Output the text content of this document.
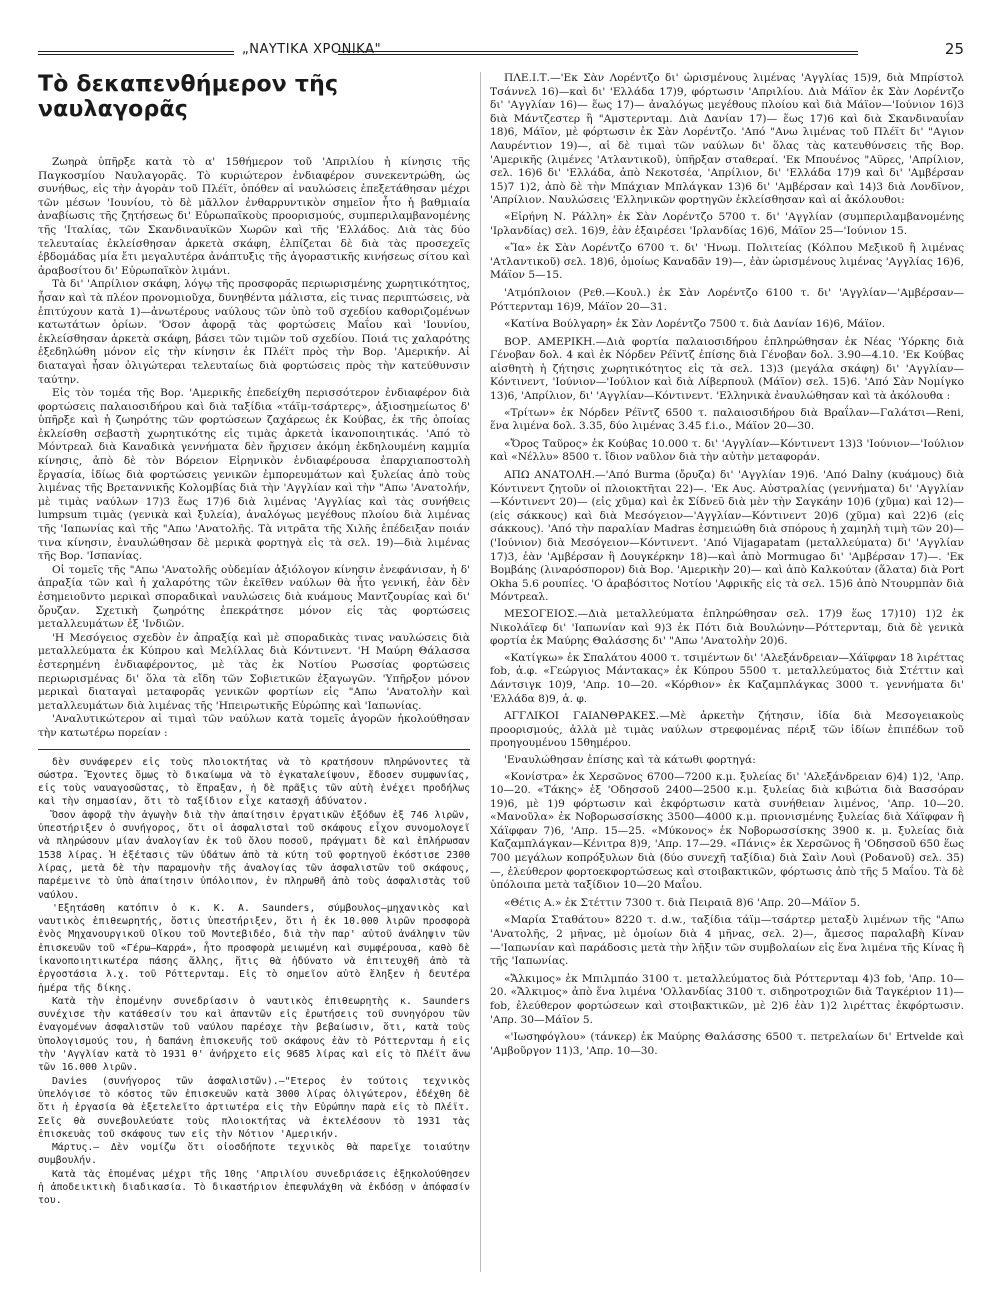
„ΝΑΥΤΙΚΑ ΧΡΟΝΙΚΑ"	25
Τὸ δεκαπενθήμερον τῆς ναυλαγορᾶς

Ζωηρὰ ὑπῆρξε κατὰ τὸ α' 15θήμερον τοῦ 'Απριλίου ἡ κίνησις τῆς Παγκοσμίου Ναυλαγορᾶς. Τὸ κυριώτερον ἐνδιαφέρον συνεκεντρώθη, ὡς συνήθως, εἰς τὴν ἀγορὰν τοῦ Πλέϊτ, ὁπόθεν αἱ ναυλώσεις ἐπεξετάθησαν μέχρι τῶν μέσων 'Ιουνίου, τὸ δὲ μᾶλλον ἐνθαρρυντικὸν σημεῖον ἦτο ἡ βαθμιαία ἀναβίωσις τῆς ζητήσεως δι' Εὐρωπαϊκοὺς προορισμούς, συμπεριλαμβανομένης τῆς 'Ιταλίας, τῶν Σκανδιναυϊκῶν Χωρῶν καὶ τῆς 'Ελλάδος. Διὰ τὰς δύο τελευταίας ἐκλείσθησαν ἀρκετὰ σκάφη, ἐλπίζεται δὲ διὰ τὰς προσεχεῖς ἑβδομάδας μία ἔτι μεγαλυτέρα ἀνάπτυξις τῆς ἀγοραστικῆς κινήσεως σίτου καὶ ἀραβοσίτου δι' Εὐρωπαϊκὸν λιμάνι.

Τὰ δι' 'Απρίλιον σκάφη, λόγῳ τῆς προσφορᾶς περιωρισμένης χωρητικότητος, ἦσαν καὶ τὰ πλέον προνομιοῦχα, δυνηθέντα μάλιστα, εἰς τινας περιπτώσεις, νὰ ἐπιτύχουν κατὰ 1)—ἀνωτέρους ναύλους τῶν ὑπὸ τοῦ σχεδίου καθοριζομένων κατωτάτων ὁρίων. 'Όσον ἀφορᾷ τὰς φορτώσεις Μαΐου καὶ 'Ιουνίου, ἐκλείσθησαν ἀρκετὰ σκάφη, βάσει τῶν τιμῶν τοῦ σχεδίου. Ποιά τις χαλαρότης ἐξεδηλώθη μόνον εἰς τὴν κίνησιν ἐκ Πλέϊτ πρὸς τὴν Βορ. 'Αμερικήν. Αἱ διαταγαὶ ἦσαν ὀλιγώτεραι τελευταίως διὰ φορτώσεις πρὸς τὴν κατεύθυνσιν ταύτην.

Εἰς τὸν τομέα τῆς Βορ. 'Αμερικῆς ἐπεδείχθη περισσότερον ἐνδιαφέρον διὰ φορτώσεις παλαιοσιδήρου καὶ διὰ ταξίδια «τάϊμ-τσάρτερς», ἀξιοσημείωτος δ' ὑπῆρξε καὶ ἡ ζωηρότης τῶν φορτώσεων ζαχάρεως ἐκ Κούβας, ἐκ τῆς ὁποίας ἐκλείσθη σεβαστὴ χωρητικότης εἰς τιμὰς ἀρκετὰ ἱκανοποιητικάς. 'Από τὸ Μόντρεαλ διὰ Καναδικὰ γεννήματα δὲν ἤρχισεν ἀκόμη ἐκδηλουμένη καμμία κίνησις, ἀπὸ δὲ τὸν Βόρειον Εἰρηνικὸν ἐνδιαφέρουσα ἐπαρχιαποστολὴ ἔργασία, ἰδίως διὰ φορτώσεις γενικῶν ἐμπορευμάτων καὶ ξυλείας ἀπὸ τοὺς λιμένας τῆς Βρεταννικῆς Κολομβίας διὰ τὴν 'Αγγλίαν καὶ τὴν "Απω 'Ανατολήν, μὲ τιμὰς ναύλων 17)3 ἕως 17)6 διὰ λιμένας 'Αγγλίας καὶ τὰς συνήθεις lumpsum τιμὰς (γενικὰ καὶ ξυλεία), ἀναλόγως μεγέθους πλοίου διὰ λιμένας τῆς 'Ιαπωνίας καὶ τῆς "Απω 'Ανατολῆς. Τὰ νιτρᾶτα τῆς Χιλῆς ἐπέδειξαν ποιάν τινα κίνησιν, ἐναυλώθησαν δὲ μερικὰ φορτηγὰ εἰς τὰ σελ. 19)—διὰ λιμένας τῆς Βορ. 'Ισπανίας.

Οἱ τομεῖς τῆς "Απω 'Ανατολῆς οὐδεμίαν ἀξιόλογον κίνησιν ἐνεφάνισαν, ἡ δ' ἀπραξία τῶν καὶ ἡ χαλαρότης τῶν ἐκεῖθεν ναύλων θὰ ἦτο γενική, ἐὰν δὲν ἐσημειοῦντο μερικαὶ σποραδικαὶ ναυλώσεις διὰ κυάμους Μαντζουρίας καὶ δι' ὄρυζαν. Σχετικὴ ζωηρότης ἐπεκράτησε μόνον εἰς τὰς φορτώσεις μεταλλευμάτων ἐξ 'Ινδιῶν.

'Η Μεσόγειος σχεδὸν ἐν ἀπραξίᾳ καὶ μὲ σποραδικὰς τινας ναυλώσεις διὰ μεταλλεύματα ἐκ Κύπρου καὶ Μελίλλας διὰ Κόντινεντ. 'Η Μαύρη Θάλασσα ἐστερημένη ἐνδιαφέροντος, μὲ τὰς ἐκ Νοτίου Ρωσσίας φορτώσεις περιωρισμένας δι' ὅλα τὰ εἴδη τῶν Σοβιετικῶν ἐξαγωγῶν. 'Υπῆρξον μόνον μερικαὶ διαταγαὶ μεταφορᾶς γενικῶν φορτίων εἰς "Απω 'Ανατολὴν καὶ μεταλλευμάτων διὰ λιμένας τῆς 'Ηπειρωτικῆς Εὐρώπης καὶ 'Ιαπωνίας.

'Αναλυτικώτερον αἱ τιμαὶ τῶν ναύλων κατὰ τομεῖς ἀγορῶν ἠκολούθησαν τὴν κατωτέρω πορείαν :

δὲν συνάφερεν εἰς τοὺς πλοιοκτήτας νὰ τὸ κρατήσουν πληρώνοντες τὰ σώστρα. Ἔχοντες ὅμως τὸ δικαίωμα νὰ τὸ ἐγκαταλείψουν, ἔδοσεν συμφωνίας, εἰς τοὺς ναυαγοσῶστας, τὸ ἔπραξαν, ἡ δὲ πρᾶξις τῶν αὐτὴ ἐνέχει προδήλως καὶ τὴν σημασίαν, ὅτι τὸ ταξίδιον εἶχε κατασχῆ ἀδύνατον.

Ὅσον ἀφορᾷ τὴν ἀγωγὴν διὰ τὴν ἀπαίτησιν ἐργατικῶν ἐξόδων ἐξ 746 λιρῶν, ὑπεστήριξεν ὁ συνήγορος, ὅτι οἱ ἀσφαλισταὶ τοῦ σκάφους εἶχον συνομολογεῖ νὰ πληρώσουν μίαν ἀναλογίαν ἐκ τοῦ ὅλου ποσοῦ, πράγματι δὲ καὶ ἐπλήρωσαν 1538 λίρας. Ἡ ἐξέτασις τῶν ὑδάτων ἀπὸ τὰ κύτη τοῦ φορτηγοῦ ἐκόστισε 2300 λίρας, μετὰ δὲ τὴν παραμονὴν τῆς ἀναλογίας τῶν ἀσφαλιστῶν τοῦ σκάφους, παρέμεινε τὸ ὑπὸ ἀπαίτησιν ὑπόλοιπον, ἐν πληρωθῆ ἀπὸ τοὺς ἀσφαλιστὰς τοῦ ναύλου.

'Εξητάσθη κατόπιν ὁ κ. Κ. Α. Saunders, σύμβουλος—μηχανικὸς καὶ ναυτικὸς ἐπιθεωρητής, ὅστις ὑπεστήριξεν, ὅτι ἡ ἐκ 10.000 λιρῶν προσφορὰ ἑνὸς Μηχανουργικοῦ Οἴκου τοῦ Μοντεβιδέο, διὰ τὴν παρ' αὐτοῦ ἀνάληψιν τῶν ἐπισκευῶν τοῦ «Γέρω—Καρρά», ἦτο προσφορὰ μειωμένη καὶ συμφέρουσα, καθὸ δὲ ἱκανοποιητικωτέρα πάσης ἄλλης, ἥτις θὰ ἠδύνατο νὰ ἐπιτευχθῆ ἀπὸ τὰ ἐργοστάσια λ.χ. τοῦ Ρόττερνταμ. Εἰς τὸ σημεῖον αὐτὸ ἔληξεν ἡ δευτέρα ἡμέρα τῆς δίκης.

Κατὰ τὴν ἑπομένην συνεδρίασιν ὁ ναυτικὸς ἐπιθεωρητὴς κ. Saunders συνέχισε τὴν κατάθεσίν του καὶ ἀπαντῶν εἰς ἐρωτήσεις τοῦ συνηγόρου τῶν ἐναγομένων ἀσφαλιστῶν τοῦ ναύλου παρέσχε τὴν βεβαίωσιν, ὅτι, κατὰ τοὺς ὑπολογισμούς του, ἡ δαπάνη ἐπισκευῆς τοῦ σκάφους ἐὰν τὸ Ρόττερνταμ ἡ εἰς τὴν 'Αγγλίαν κατὰ τὸ 1931 θ' ἀνήρχετο εἰς 9685 λίρας καὶ εἰς τὸ Πλέϊτ ἄνω τῶν 16.000 λιρῶν.

Davies (συνήγορος τῶν ἀσφαλιστῶν).—"Ετερος ἐν τούτοις τεχνικὸς ὑπελόγισε τὸ κόστος τῶν ἐπισκευῶν κατὰ 3000 λίρας ὀλιγώτερον, ἐδέχθη δὲ ὅτι ἡ ἐργασία θὰ ἐξετελεῖτο ἀρτιωτέρα εἰς τὴν Εὐρώπην παρὰ εἰς τὸ Πλέϊτ. Σεῖς θὰ συνεβουλεύατε τοὺς πλοιοκτήτας νὰ ἐκτελέσουν τὸ 1931 τὰς ἐπισκευὰς τοῦ σκάφους των εἰς τὴν Νότιον 'Αμερικήν.

Μάρτυς.— Δὲν νομίζω ὅτι οἱοσδήποτε τεχνικὸς θὰ παρεῖχε τοιαύτην συμβουλήν.

Κατὰ τὰς ἑπομένας μέχρι τῆς 10ης 'Απριλίου συνεδριάσεις ἐξηκολούθησεν ἡ ἀποδεικτικὴ διαδικασία. Τὸ δικαστήριον ἐπεφυλάχθη νὰ ἐκδόσῃ ν ἀπόφασίν του.

ΠΛΕ.Ι.Τ.—'Εκ Σὰν Λορέντζο δι' ὡρισμένους λιμένας 'Αγγλίας 15)9, διὰ Μπρίστολ Τσάννελ 16)—καὶ δι' 'Ελλάδα 17)9, φόρτωσιν 'Απριλίου. Διὰ Μάϊον ἐκ Σὰν Λορέντζο δι' 'Αγγλίαν 16)— ἕως 17)— ἀναλόγως μεγέθους πλοίου καὶ διὰ Μάϊον—'Ιούνιον 16)3 διὰ Μάντζεστερ ἢ "Αμστερνταμ. Διὰ Δανίαν 17)— ἕως 17)6 καὶ διὰ Σκανδιναυΐαν 18)6, Μάϊον, μὲ φόρτωσιν ἐκ Σὰν Λορέντζο. 'Από "Ανω λιμένας τοῦ Πλέϊτ δι' "Αγιον Λαυρέντιον 19)—, αἱ δὲ τιμαὶ τῶν ναύλων δι' ὅλας τὰς κατευθύνσεις τῆς Βορ. 'Αμερικῆς (λιμένες 'Ατλαντικοῦ), ὑπῆρξαν σταθεραί. 'Εκ Μπουένος "Αϋρες, 'Απρίλιον, σελ. 16)6 δι' 'Ελλάδα, ἀπὸ Νεκοτσέα, 'Απρίλιον, δι' 'Ελλάδα 17)9 καὶ δι' 'Αμβέρσαν 15)7 1)2, ἀπὸ δὲ τὴν Μπάχιαν Μπλάγκαν 13)6 δι' 'Αμβέρσαν καὶ 14)3 διὰ Λονδῖνον, 'Απρίλιον. Ναυλώσεις 'Ελληνικῶν φορτηγῶν ἐκλείσθησαν καὶ αἱ ἀκόλουθοι:

«Εἰρήνη Ν. Ράλλη» ἐκ Σὰν Λορέντζο 5700 τ. δι' 'Αγγλίαν (συμπεριλαμβανομένης 'Ιρλανδίας) σελ. 16)9, ἐὰν ἐξαιρέσει 'Ιρλανδίας 16)6, Μάϊον 25—'Ιούνιον 15.

«Ἴα» ἐκ Σὰν Λορέντζο 6700 τ. δι' 'Ηνωμ. Πολιτείας (Κόλπου Μεξικοῦ ἢ λιμένας 'Ατλαντικοῦ) σελ. 18)6, ὁμοίως Καναδᾶν 19)—, ἐὰν ὡρισμένους λιμένας 'Αγγλίας 16)6, Μάϊον 5—15.

'Ατμόπλοιον (Ρεθ.—Κουλ.) ἐκ Σὰν Λορέντζο 6100 τ. δι' 'Αγγλίαν—'Αμβέρσαν—Ρόττερνταμ 16)9, Μάϊον 20—31.

«Κατίνα Βούλγαρη» ἐκ Σὰν Λορέντζο 7500 τ. διὰ Δανίαν 16)6, Μάϊον.

ΒΟΡ. ΑΜΕΡΙΚΗ.—Διὰ φορτία παλαιοσιδήρου ἐπληρώθησαν ἐκ Νέας 'Υόρκης διὰ Γένοβαν δολ. 4 καὶ ἐκ Νόρδεν Ρέϊντζ ἐπίσης διὰ Γένοβαν δολ. 3.90—4.10. 'Εκ Κούβας αἰσθητὴ ἡ ζήτησις χωρητικότητος εἰς τὰ σελ. 13)3 (μεγάλα σκάφη) δι' 'Αγγλίαν—Κόντινεντ, 'Ιούνιον—'Ιούλιον καὶ διὰ Λίβερπουλ (Μάϊον) σελ. 15)6. 'Από Σὰν Νομίγκο 13)6, 'Απρίλιον, δι' 'Αγγλίαν—Κόντινεντ. 'Ελληνικὰ ἐναυλώθησαν καὶ τὰ ἀκόλουθα :

«Τρίτων» ἐκ Νόρδεν Ρέϊντζ 6500 τ. παλαιοσιδήρου διὰ Βραΐλαν—Γαλάτσι—Reni, ἕνα λιμένα δολ. 3.35, δύο λιμένας 3.45 f.i.o., Μάϊον 20—30.

«Ὄρος Ταῦρος» ἐκ Κούβας 10.000 τ. δι' 'Αγγλίαν—Κόντινεντ 13)3 'Ιούνιον—'Ιούλιον καὶ «Νέλλυ» 8500 τ. ἴδιον ναῦλον διὰ τὴν αὐτὴν μεταφοράν.

ΑΠΩ ΑΝΑΤΟΛΗ.—'Από Burma (ὄρυζα) δι' 'Αγγλίαν 19)6. 'Από Dalny (κυάμους) διὰ Κόντινεντ ζητοῦν οἱ πλοιοκτῆται 22)—. 'Εκ Αυς. Αὐστραλίας (γεννήματα) δι' 'Αγγλίαν—Κόντινεντ 20)— (εἰς χῦμα) καὶ ἐκ Σίδνεϋ διὰ μὲν τὴν Σαγκάην 10)6 (χῦμα) καὶ 12)— (εἰς σάκκους) καὶ διὰ Μεσόγειον—'Αγγλίαν—Κόντινεντ 20)6 (χῦμα) καὶ 22)6 (εἰς σάκκους). 'Από τὴν παραλίαν Madras ἐσημειώθη διὰ σπόρους ἡ χαμηλὴ τιμὴ τῶν 20)— ('Ιούνιον) διὰ Μεσόγειον—Κόντινεντ. 'Από Vijagapatam (μεταλλεύματα) δι' 'Αγγλίαν 17)3, ἐὰν 'Αμβέρσαν ἢ Δουγκέρκην 18)—καὶ ἀπὸ Mormugao δι' 'Αμβέρσαν 17)—. 'Εκ Βομβάης (λιναρόσπορον) διὰ Βορ. 'Αμερικὴν 20)— καὶ ἀπὸ Καλκούταν (ἅλατα) διὰ Port Okha 5.6 ρουπίες. 'Ο ἀραβόσιτος Νοτίου 'Αφρικῆς εἰς τὰ σελ. 15)6 ἀπὸ Ντουρμπὰν διὰ Μόντρεαλ.

ΜΕΣΟΓΕΙΟΣ.—Διὰ μεταλλεύματα ἐπληρώθησαν σελ. 17)9 ἕως 17)10) 1)2 ἐκ Νικολάϊεφ δι' 'Ιαπωνίαν καὶ 9)3 ἐκ Πότι διὰ Βουλώνην—Ρόττερνταμ, διὰ δὲ γενικὰ φορτία ἐκ Μαύρης Θαλάσσης δι' "Απω 'Ανατολὴν 20)6.

«Κατίγκω» ἐκ Σπαλάτου 4000 τ. τσιμέντων δι' 'Αλεξάνδρειαν—Χάϊφφαν 18 λιρέττας fob, ἀ.φ. «Γεώργιος Μάντακας» ἐκ Κύπρου 5500 τ. μεταλλεύματος διὰ Στέττιν καὶ Δάντσιγκ 10)9, 'Απρ. 10—20. «Κόρθιον» ἐκ Καζαμπλάγκας 3000 τ. γεννήματα δι' 'Ελλάδα 8)9, ἀ. φ.

ΑΓΓΛΙΚΟΙ ΓΑΙΑΝΘΡΑΚΕΣ.—Μὲ ἀρκετὴν ζήτησιν, ἰδία διὰ Μεσογειακοὺς προορισμούς, ἀλλὰ μὲ τιμὰς ναύλων στρεφομένας πέριξ τῶν ἰδίων ἐπιπέδων τοῦ προηγουμένου 15θημέρου.

'Εναυλώθησαν ἐπίσης καὶ τὰ κάτωθι φορτηγά:

«Κονίστρα» ἐκ Χερσῶνος 6700—7200 κ.μ. ξυλείας δι' 'Αλεξάνδρειαν 6)4) 1)2, 'Απρ. 10—20. «Τάκης» ἐξ 'Οδησσοῦ 2400—2500 κ.μ. ξυλείας διὰ κιβώτια διὰ Βασσόραν 19)6, μὲ 1)9 φόρτωσιν καὶ ἐκφόρτωσιν κατὰ συνήθειαν λιμένος, 'Απρ. 10—20. «Μανοῦλα» ἐκ Νοβορωσσίσκης 3500—4000 κ.μ. πριονισμένης ξυλείας διὰ Χάϊφφαν ἢ Χάϊφφαν 7)6, 'Απρ. 15—25. «Μύκονος» ἐκ Νοβορωσσίσκης 3900 κ. μ. ξυλείας διὰ Καζαμπλάγκαν—Κένιτρα 8)9, 'Απρ. 17—29. «Πάνις» ἐκ Χερσῶνος ἢ 'Οδησσοῦ 650 ἕως 700 μεγάλων κοπρόξυλων διὰ (δύο συνεχῆ ταξίδια) διὰ Σαὶν Λουὶ (Ροδανοῦ) σελ. 35)—, ἐλεύθερον φορτοεκφορτώσεως καὶ στοιβακτικῶν, φόρτωσις ἀπὸ τῆς 5 Μαΐου. Τὰ δὲ ὑπόλοιπα μετὰ ταξίδιον 10—20 Μαΐου.

«Θέτις Α.» ἐκ Στέττιν 7300 τ. διὰ Πειραιᾶ 8)6 'Απρ. 20—Μάϊον 5.

«Μαρία Σταθάτου» 8220 τ. d.w., ταξίδια τάϊμ—τσάρτερ μεταξὺ λιμένων τῆς "Απω 'Ανατολῆς, 2 μῆνας, μὲ ὁμοίων διὰ 4 μῆνας, σελ. 2)—, ἄμεσος παραλαβὴ Κίναν—'Ιαπωνίαν καὶ παράδοσις μετὰ τὴν λῆξιν τῶν συμβολαίων εἰς ἕνα λιμένα τῆς Κίνας ἢ τῆς 'Ιαπωνίας.

«Ἄλκιμος» ἐκ Μπιλμπάο 3100 τ. μεταλλεύματος διὰ Ρόττερνταμ 4)3 fob, 'Απρ. 10—20. «Ἄλκιμος» ἀπὸ ἕνα λιμένα 'Ολλανδίας 3100 τ. σιδηροτροχιῶν διὰ Ταγκέριον 11)— fob, ἐλεύθερον φορτώσεων καὶ στοιβακτικῶν, μὲ 2)6 ἐὰν 1)2 λιρέττας ἐκφόρτωσιν. 'Απρ. 30—Μάϊον 5.

«'Ιωσηφόγλου» (τάνκερ) ἐκ Μαύρης Θαλάσσης 6500 τ. πετρελαίων δι' Ertvelde καὶ 'Αμβοῦργον 11)3, 'Απρ. 10—30.
